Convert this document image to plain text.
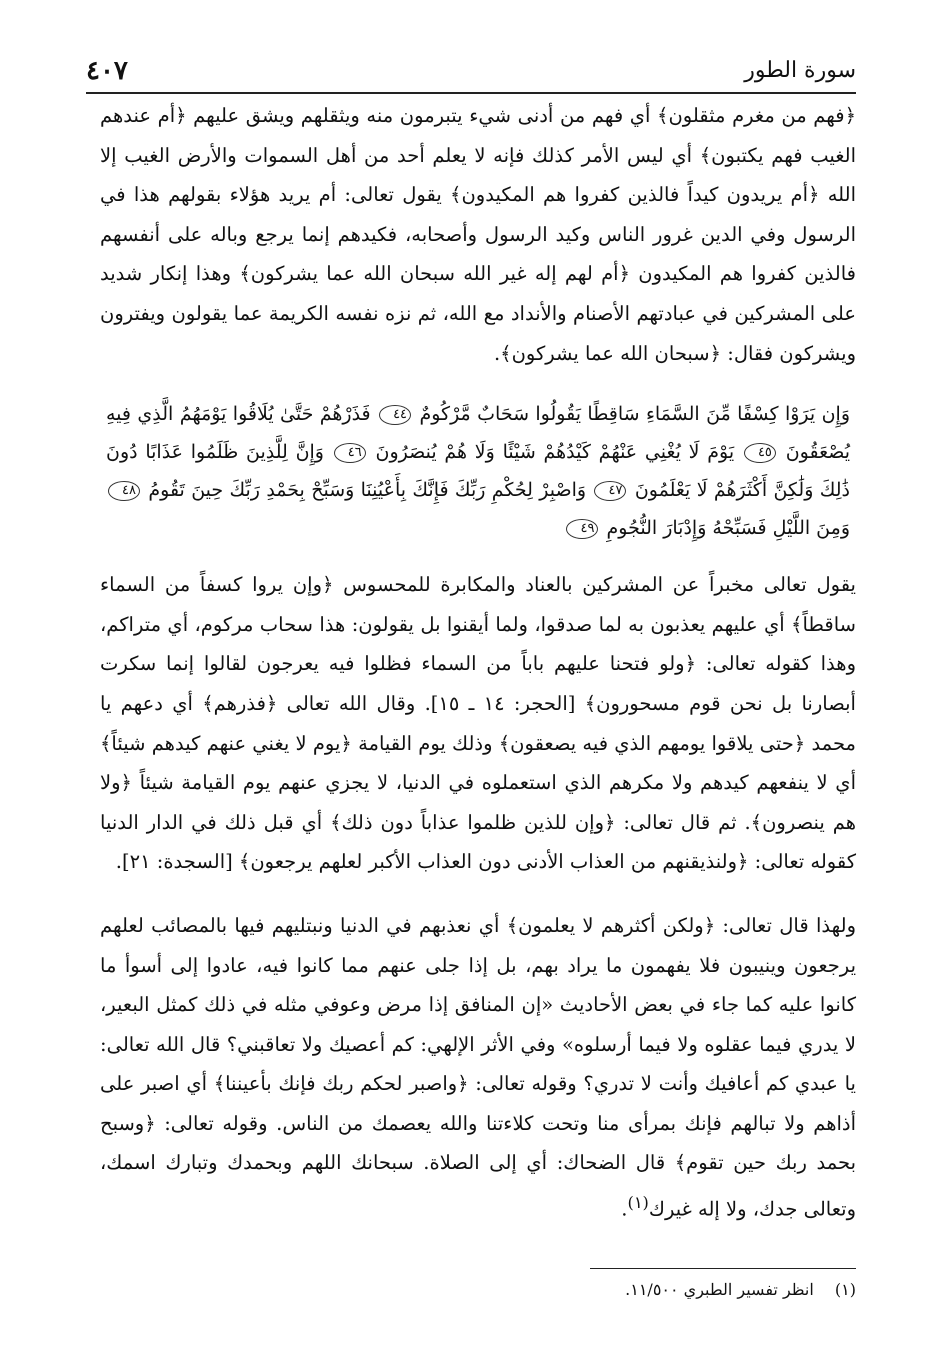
٤٠٧	سورة الطور

﴿فهم من مغرم مثقلون﴾ أي فهم من أدنى شيء يتبرمون منه ويثقلهم ويشق عليهم ﴿أم عندهم الغيب فهم يكتبون﴾ أي ليس الأمر كذلك فإنه لا يعلم أحد من أهل السموات والأرض الغيب إلا الله ﴿أم يريدون كيداً فالذين كفروا هم المكيدون﴾ يقول تعالى: أم يريد هؤلاء بقولهم هذا في الرسول وفي الدين غرور الناس وكيد الرسول وأصحابه، فكيدهم إنما يرجع وباله على أنفسهم فالذين كفروا هم المكيدون ﴿أم لهم إله غير الله سبحان الله عما يشركون﴾ وهذا إنكار شديد على المشركين في عبادتهم الأصنام والأنداد مع الله، ثم نزه نفسه الكريمة عما يقولون ويفترون ويشركون فقال: ﴿سبحان الله عما يشركون﴾.

وَإِن يَرَوْا كِسْفًا مِّنَ السَّمَاءِ سَاقِطًا يَقُولُوا سَحَابٌ مَّرْكُومٌ ٤٤ فَذَرْهُمْ حَتَّىٰ يُلَاقُوا يَوْمَهُمُ الَّذِي فِيهِ يُصْعَقُونَ ٤٥ يَوْمَ لَا يُغْنِي عَنْهُمْ كَيْدُهُمْ شَيْئًا وَلَا هُمْ يُنصَرُونَ ٤٦ وَإِنَّ لِلَّذِينَ ظَلَمُوا عَذَابًا دُونَ ذَٰلِكَ وَلَٰكِنَّ أَكْثَرَهُمْ لَا يَعْلَمُونَ ٤٧ وَاصْبِرْ لِحُكْمِ رَبِّكَ فَإِنَّكَ بِأَعْيُنِنَا وَسَبِّحْ بِحَمْدِ رَبِّكَ حِينَ تَقُومُ ٤٨ وَمِنَ اللَّيْلِ فَسَبِّحْهُ وَإِدْبَارَ النُّجُومِ ٤٩

يقول تعالى مخبراً عن المشركين بالعناد والمكابرة للمحسوس ﴿وإن يروا كسفاً من السماء ساقطاً﴾ أي عليهم يعذبون به لما صدقوا، ولما أيقنوا بل يقولون: هذا سحاب مركوم، أي متراكم، وهذا كقوله تعالى: ﴿ولو فتحنا عليهم باباً من السماء فظلوا فيه يعرجون لقالوا إنما سكرت أبصارنا بل نحن قوم مسحورون﴾ [الحجر: ١٤ ـ ١٥]. وقال الله تعالى ﴿فذرهم﴾ أي دعهم يا محمد ﴿حتى يلاقوا يومهم الذي فيه يصعقون﴾ وذلك يوم القيامة ﴿يوم لا يغني عنهم كيدهم شيئاً﴾ أي لا ينفعهم كيدهم ولا مكرهم الذي استعملوه في الدنيا، لا يجزي عنهم يوم القيامة شيئاً ﴿ولا هم ينصرون﴾. ثم قال تعالى: ﴿وإن للذين ظلموا عذاباً دون ذلك﴾ أي قبل ذلك في الدار الدنيا كقوله تعالى: ﴿ولنذيقنهم من العذاب الأدنى دون العذاب الأكبر لعلهم يرجعون﴾ [السجدة: ٢١].

ولهذا قال تعالى: ﴿ولكن أكثرهم لا يعلمون﴾ أي نعذبهم في الدنيا ونبتليهم فيها بالمصائب لعلهم يرجعون وينيبون فلا يفهمون ما يراد بهم، بل إذا جلى عنهم مما كانوا فيه، عادوا إلى أسوأ ما كانوا عليه كما جاء في بعض الأحاديث «إن المنافق إذا مرض وعوفي مثله في ذلك كمثل البعير، لا يدري فيما عقلوه ولا فيما أرسلوه» وفي الأثر الإلهي: كم أعصيك ولا تعاقبني؟ قال الله تعالى: يا عبدي كم أعافيك وأنت لا تدري؟ وقوله تعالى: ﴿واصبر لحكم ربك فإنك بأعيننا﴾ أي اصبر على أذاهم ولا تبالهم فإنك بمرأى منا وتحت كلاءتنا والله يعصمك من الناس. وقوله تعالى: ﴿وسبح بحمد ربك حين تقوم﴾ قال الضحاك: أي إلى الصلاة. سبحانك اللهم وبحمدك وتبارك اسمك، وتعالى جدك، ولا إله غيرك$^{(١)}$.

(١) انظر تفسير الطبري ١١/٥٠٠.
